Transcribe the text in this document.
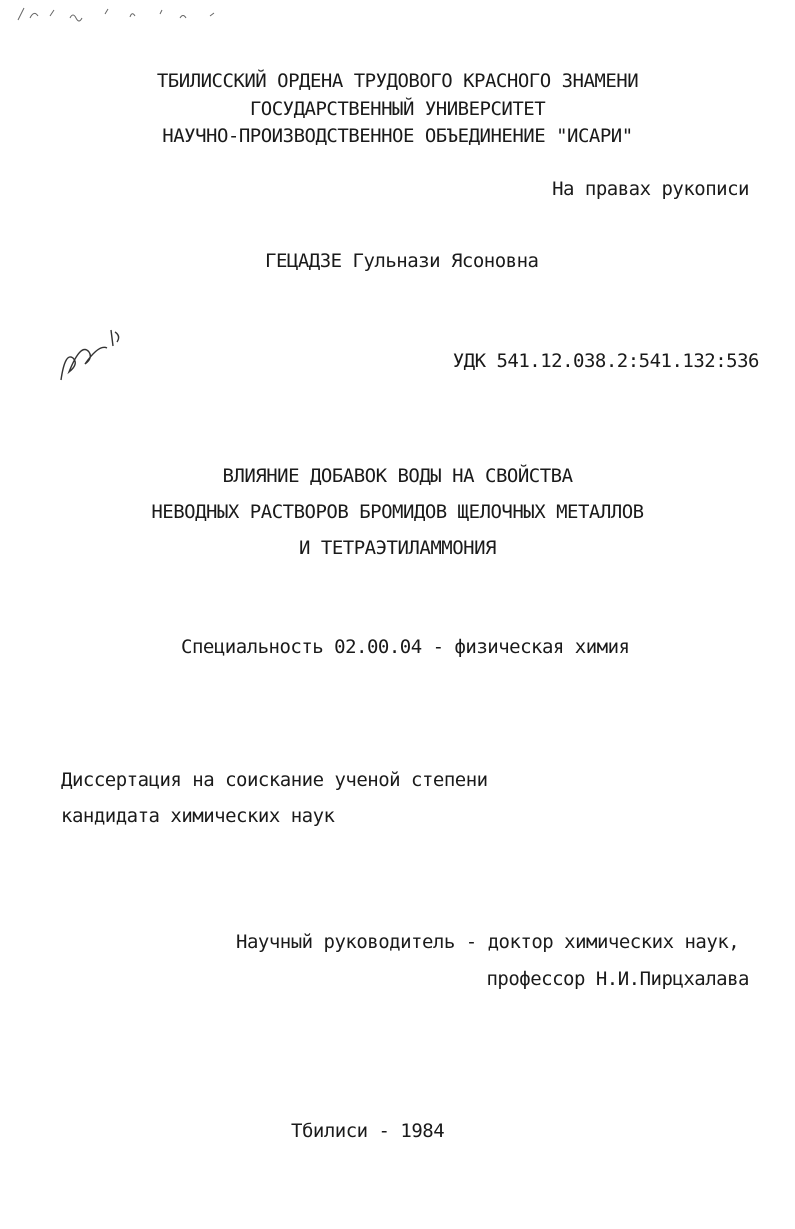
ТБИЛИССКИЙ ОРДЕНА ТРУДОВОГО КРАСНОГО ЗНАМЕНИ
ГОСУДАРСТВЕННЫЙ УНИВЕРСИТЕТ
НАУЧНО-ПРОИЗВОДСТВЕННОЕ ОБЪЕДИНЕНИЕ "ИСАРИ"
На правах рукописи
ГЕЦАДЗЕ Гульнази Ясоновна
УДК 541.12.038.2:541.132:536
ВЛИЯНИЕ ДОБАВОК ВОДЫ НА СВОЙСТВА
НЕВОДНЫХ РАСТВОРОВ БРОМИДОВ ЩЕЛОЧНЫХ МЕТАЛЛОВ
И ТЕТРАЭТИЛАММОНИЯ
Специальность 02.00.04 - физическая химия
Диссертация на соискание ученой степени
кандидата химических наук
Научный руководитель - доктор химических наук,
профессор Н.И.Пирцхалава
Тбилиси - 1984
